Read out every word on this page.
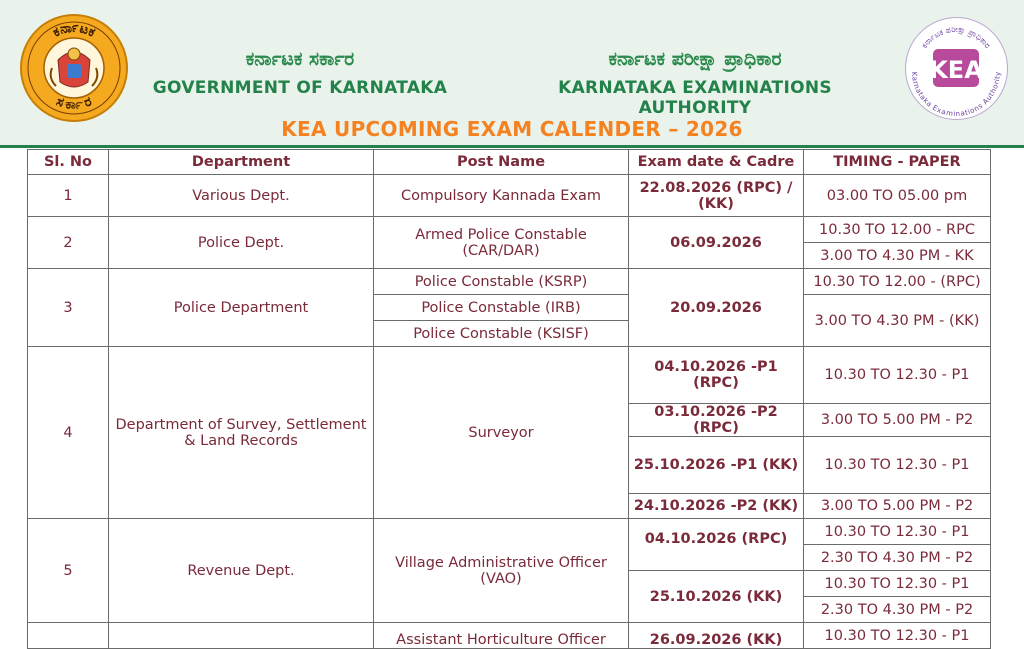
ಕರ್ನಾಟಕ
ಸರ್ಕಾರ
ಕರ್ನಾಟಕ ಸರ್ಕಾರ
GOVERNMENT OF KARNATAKA
ಕರ್ನಾಟಕ ಪರೀಕ್ಷಾ ಪ್ರಾಧಿಕಾರ
KARNATAKA EXAMINATIONS AUTHORITY
ಕರ್ನಾಟಕ ಪರೀಕ್ಷಾ ಪ್ರಾಧಿಕಾರ
Karnataka Examinations Authority
KEA
KEA UPCOMING EXAM CALENDER – 2026
Sl. No	Department	Post Name	Exam date & Cadre	TIMING - PAPER
1	Various Dept.	Compulsory Kannada Exam	22.08.2026 (RPC) / (KK)	03.00 TO 05.00 pm
2	Police Dept.	Armed Police Constable (CAR/DAR)	06.09.2026	10.30 TO 12.00 - RPC
				3.00 TO 4.30 PM - KK
3	Police Department	Police Constable (KSRP)	20.09.2026	10.30 TO 12.00 - (RPC)
		Police Constable (IRB)		3.00 TO 4.30 PM - (KK)
		Police Constable (KSISF)		
4	Department of Survey, Settlement & Land Records	Surveyor	04.10.2026 -P1 (RPC)	10.30 TO 12.30 - P1
			03.10.2026 -P2 (RPC)	3.00 TO 5.00 PM - P2
			25.10.2026 -P1 (KK)	10.30 TO 12.30 - P1
			24.10.2026 -P2 (KK)	3.00 TO 5.00 PM - P2
5	Revenue Dept.	Village Administrative Officer (VAO)	04.10.2026 (RPC)	10.30 TO 12.30 - P1
				2.30 TO 4.30 PM - P2
			25.10.2026 (KK)	10.30 TO 12.30 - P1
				2.30 TO 4.30 PM - P2
		Assistant Horticulture Officer	26.09.2026 (KK)	10.30 TO 12.30 - P1
